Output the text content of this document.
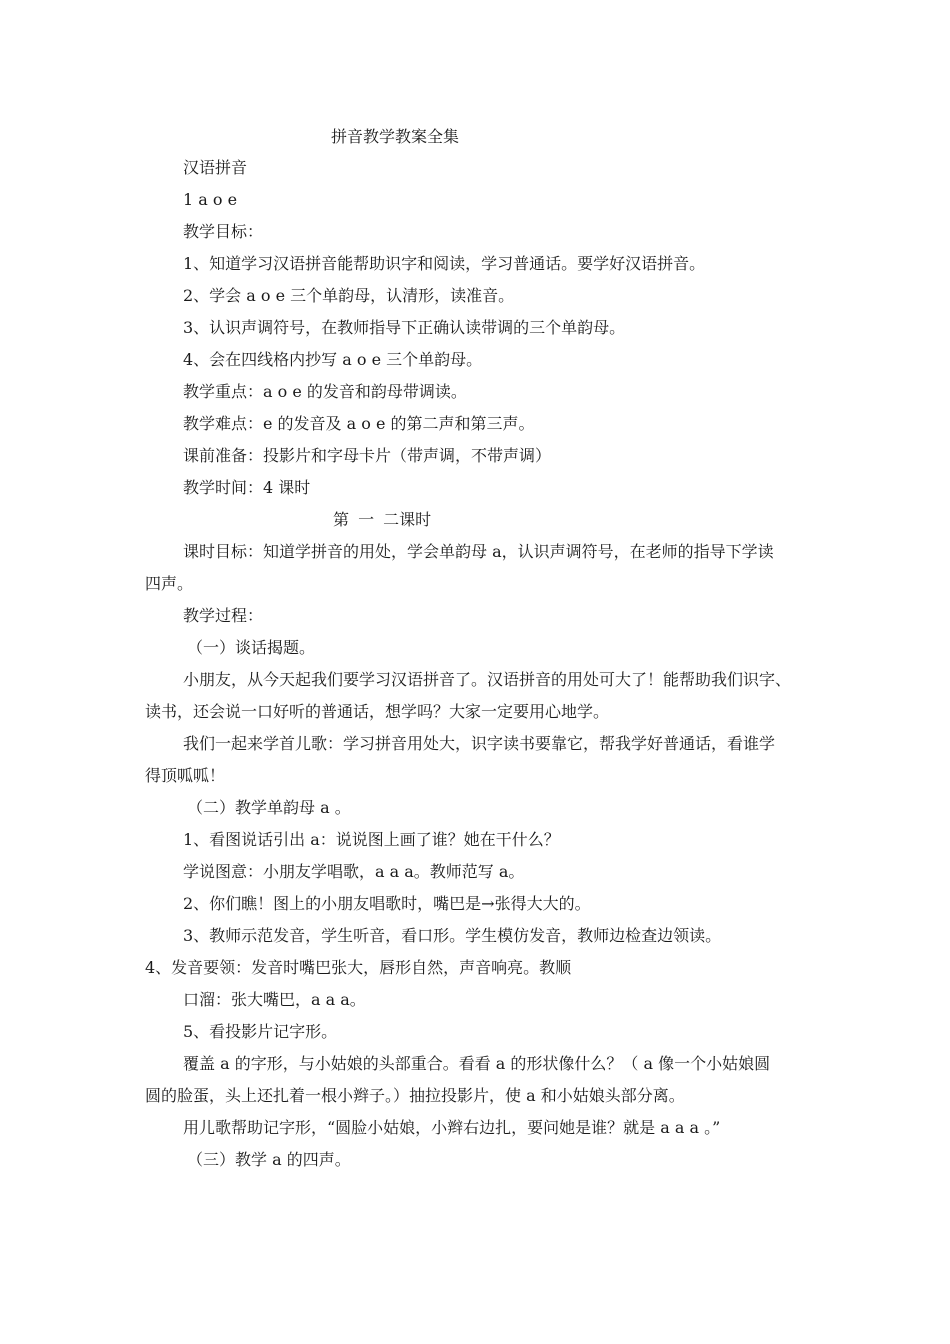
拼音教学教案全集
汉语拼音
1 a o e
教学目标：
1、知道学习汉语拼音能帮助识字和阅读，学习普通话。要学好汉语拼音。
2、学会 a o e 三个单韵母，认清形，读准音。
3、认识声调符号，在教师指导下正确认读带调的三个单韵母。
4、会在四线格内抄写 a o e 三个单韵母。
教学重点：a o e 的发音和韵母带调读。
教学难点：e 的发音及 a o e 的第二声和第三声。
课前准备：投影片和字母卡片（带声调，不带声调）
教学时间：4 课时
第 一 二课时
课时目标：知道学拼音的用处，学会单韵母 a，认识声调符号，在老师的指导下学读
四声。
教学过程：
（一）谈话揭题。
小朋友，从今天起我们要学习汉语拼音了。汉语拼音的用处可大了！能帮助我们识字、
读书，还会说一口好听的普通话，想学吗？大家一定要用心地学。
我们一起来学首儿歌：学习拼音用处大，识字读书要靠它，帮我学好普通话，看谁学
得顶呱呱！
（二）教学单韵母 a 。
1、看图说话引出 a：说说图上画了谁？她在干什么？
学说图意：小朋友学唱歌，a a a。教师范写 a。
2、你们瞧！图上的小朋友唱歌时，嘴巴是→张得大大的。
3、教师示范发音，学生听音，看口形。学生模仿发音，教师边检查边领读。
4、发音要领：发音时嘴巴张大，唇形自然，声音响亮。教顺
口溜：张大嘴巴，a a a。
5、看投影片记字形。
覆盖 a 的字形，与小姑娘的头部重合。看看 a 的形状像什么？（ a 像一个小姑娘圆
圆的脸蛋，头上还扎着一根小辫子。）抽拉投影片，使 a 和小姑娘头部分离。
用儿歌帮助记字形，“圆脸小姑娘，小辫右边扎，要问她是谁？就是 a a a 。”
（三）教学 a 的四声。
